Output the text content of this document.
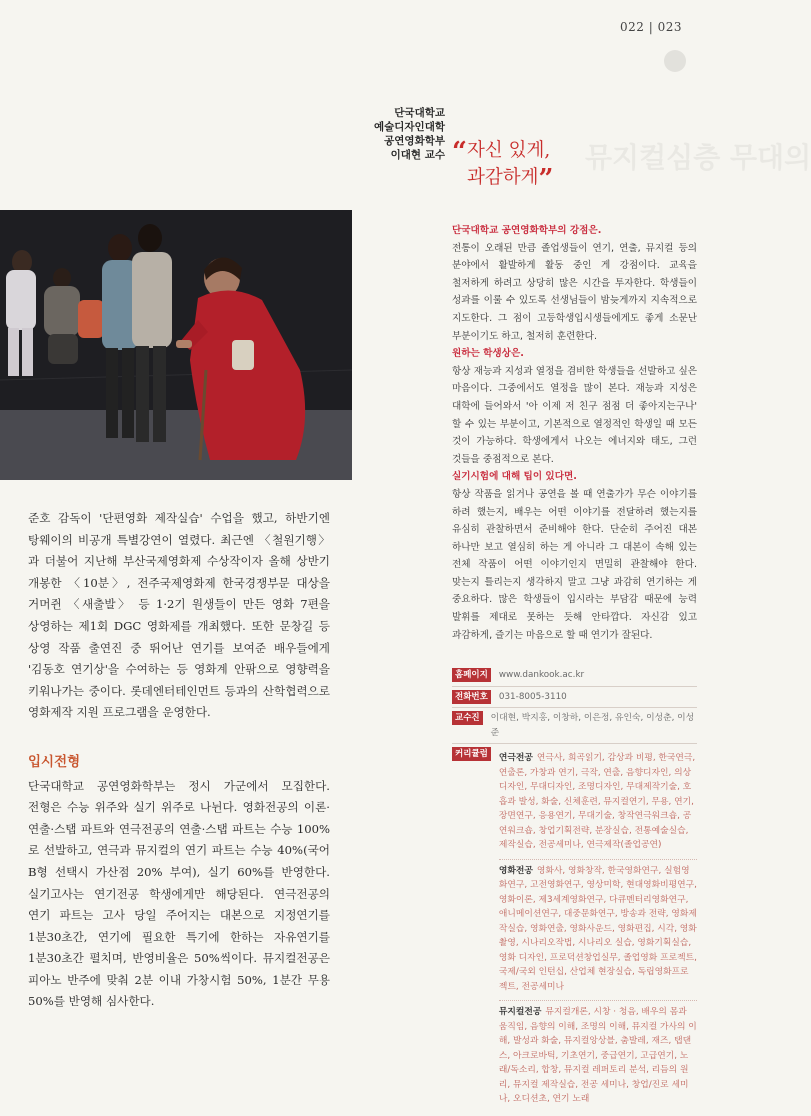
022 | 023
단국대학교
예술디자인대학
공연영화학부
이대현 교수	뮤지컬심층 무대의
“자신 있게,
과감하게”

준호 감독이 '단편영화 제작실습' 수업을 했고, 하반기엔 탕웨이의 비공개 특별강연이 열렸다. 최근엔 〈철원기행〉과 더불어 지난해 부산국제영화제 수상작이자 올해 상반기 개봉한 〈10분〉, 전주국제영화제 한국경쟁부문 대상을 거머쥔 〈새출발〉 등 1·2기 원생들이 만든 영화 7편을 상영하는 제1회 DGC 영화제를 개최했다. 또한 문창길 등 상영 작품 출연진 중 뛰어난 연기를 보여준 배우들에게 '김동호 연기상'을 수여하는 등 영화계 안팎으로 영향력을 키워나가는 중이다. 롯데엔터테인먼트 등과의 산학협력으로 영화제작 지원 프로그램을 운영한다.

입시전형

단국대학교 공연영화학부는 정시 가군에서 모집한다. 전형은 수능 위주와 실기 위주로 나뉜다. 영화전공의 이론·연출·스탭 파트와 연극전공의 연출·스탭 파트는 수능 100%로 선발하고, 연극과 뮤지컬의 연기 파트는 수능 40%(국어 B형 선택시 가산점 20% 부여), 실기 60%를 반영한다. 실기고사는 연기전공 학생에게만 해당된다. 연극전공의 연기 파트는 고사 당일 주어지는 대본으로 지정연기를 1분30초간, 연기에 필요한 특기에 한하는 자유연기를 1분30초간 펼치며, 반영비율은 50%씩이다. 뮤지컬전공은 피아노 반주에 맞춰 2분 이내 가창시험 50%, 1분간 무용 50%를 반영해 심사한다.

단국대학교 공연영화학부의 강점은.

전통이 오래된 만큼 졸업생들이 연기, 연출, 뮤지컬 등의 분야에서 활발하게 활동 중인 게 강점이다. 교육을 철저하게 하려고 상당히 많은 시간을 투자한다. 학생들이 성과를 이룰 수 있도록 선생님들이 밤늦게까지 지속적으로 지도한다. 그 점이 고등학생입시생들에게도 좋게 소문난 부분이기도 하고, 철저히 훈련한다.

원하는 학생상은.

항상 재능과 지성과 열정을 겸비한 학생들을 선발하고 싶은 마음이다. 그중에서도 열정을 많이 본다. 재능과 지성은 대학에 들어와서 '아 이제 저 친구 점점 더 좋아지는구나' 할 수 있는 부분이고, 기본적으로 열정적인 학생일 때 모든 것이 가능하다. 학생에게서 나오는 에너지와 태도, 그런 것들을 중점적으로 본다.

실기시험에 대해 팁이 있다면.

항상 작품을 읽거나 공연을 볼 때 연출가가 무슨 이야기를 하려 했는지, 배우는 어떤 이야기를 전달하려 했는지를 유심히 관찰하면서 준비해야 한다. 단순히 주어진 대본 하나만 보고 열심히 하는 게 아니라 그 대본이 속해 있는 전체 작품이 어떤 이야기인지 면밀히 관찰해야 한다. 맞는지 틀리는지 생각하지 말고 그냥 과감히 연기하는 게 중요하다. 많은 학생들이 입시라는 부담감 때문에 능력 발휘를 제대로 못하는 듯해 안타깝다. 자신감 있고 과감하게, 즐기는 마음으로 할 때 연기가 잘된다.

홈페이지	www.dankook.ac.kr
전화번호	031-8005-3110
교수진	이대현, 박지홍, 이창하, 이은정, 유인숙, 이성춘, 이성준
커리큘럼	연극전공 연극사, 희곡읽기, 감상과 비평, 한국연극, 연출론, 가창과 연기, 극작, 연출, 음향디자인, 의상디자인, 무대디자인, 조명디자인, 무대제작기술, 호흡과 발성, 화술, 신체훈련, 뮤지컬연기, 무용, 연기, 장면연구, 응용연기, 무대기술, 창작연극워크숍, 공연워크숍, 창업기획전략, 분장실습, 전통예술실습, 제작실습, 전공세미나, 연극제작(졸업공연)
영화전공 영화사, 영화창작, 한국영화연구, 실험영화연구, 고전영화연구, 영상미학, 현대영화비평연구, 영화이론, 제3세계영화연구, 다큐멘터리영화연구, 애니메이션연구, 대중문화연구, 방송과 전략, 영화제작실습, 영화연출, 영화사운드, 영화편집, 시각, 영화촬영, 시나리오작법, 시나리오 실습, 영화기획실습, 영화 디자인, 프로덕션창업실무, 졸업영화 프로젝트, 국제/국외 인턴십, 산업체 현장실습, 독립영화프로젝트, 전공세미나
뮤지컬전공 뮤지컬개론, 시창 · 청음, 배우의 몸과 움직임, 음향의 이해, 조명의 이해, 뮤지컬 가사의 이해, 발성과 화술, 뮤지컬앙상블, 춤발레, 재즈, 탭댄스, 아크로바틱, 기초연기, 중급연기, 고급연기, 노래/독소리, 합창, 뮤지컬 레퍼토리 분석, 리듬의 원리, 뮤지컬 제작실습, 전공 세미나, 창업/진로 세미나, 오디션초, 연기 노래
